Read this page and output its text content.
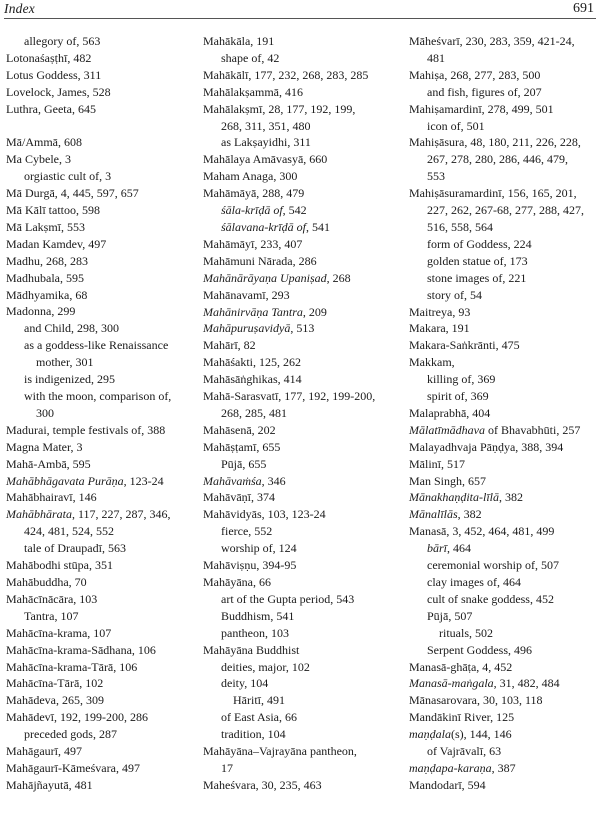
Index	691
allegory of, 563
Lotonaśaṣṭhī, 482
Lotus Goddess, 311
Lovelock, James, 528
Luthra, Geeta, 645
Mā/Ammā, 608
Ma Cybele, 3
orgiastic cult of, 3
Mā Durgā, 4, 445, 597, 657
Mā Kālī tattoo, 598
Mā Lakṣmī, 553
Madan Kamdev, 497
Madhu, 268, 283
Madhubala, 595
Mādhyamika, 68
Madonna, 299
and Child, 298, 300
as a goddess-like Renaissance
mother, 301
is indigenized, 295
with the moon, comparison of,
300
Madurai, temple festivals of, 388
Magna Mater, 3
Mahā-Ambā, 595
Mahābhāgavata Purāṇa, 123-24
Mahābhairavī, 146
Mahābhārata, 117, 227, 287, 346,
424, 481, 524, 552
tale of Draupadī, 563
Mahābodhi stūpa, 351
Mahābuddha, 70
Mahācīnācāra, 103
Tantra, 107
Mahācīna-krama, 107
Mahācīna-krama-Sādhana, 106
Mahācīna-krama-Tārā, 106
Mahācīna-Tārā, 102
Mahādeva, 265, 309
Mahādevī, 192, 199-200, 286
preceded gods, 287
Mahāgaurī, 497
Mahāgaurī-Kāmeśvara, 497
Mahājñayutā, 481
Mahākāla, 191
shape of, 42
Mahākālī, 177, 232, 268, 283, 285
Mahālakṣammā, 416
Mahālakṣmī, 28, 177, 192, 199,
268, 311, 351, 480
as Lakṣayidhi, 311
Mahālaya Amāvasyā, 660
Maham Anaga, 300
Mahāmāyā, 288, 479
śāla-krīḍā of, 542
śālavana-krīḍā of, 541
Mahāmāyī, 233, 407
Mahāmuni Nārada, 286
Mahānārāyaṇa Upaniṣad, 268
Mahānavamī, 293
Mahānirvāṇa Tantra, 209
Mahāpuruṣavidyā, 513
Mahārī, 82
Mahāśakti, 125, 262
Mahāsāṅghikas, 414
Mahā-Sarasvatī, 177, 192, 199-200,
268, 285, 481
Mahāsenā, 202
Mahāṣṭamī, 655
Pūjā, 655
Mahāvaṁśa, 346
Mahāvāṇī, 374
Mahāvidyās, 103, 123-24
fierce, 552
worship of, 124
Mahāviṣṇu, 394-95
Mahāyāna, 66
art of the Gupta period, 543
Buddhism, 541
pantheon, 103
Mahāyāna Buddhist
deities, major, 102
deity, 104
Hāritī, 491
of East Asia, 66
tradition, 104
Mahāyāna–Vajrayāna pantheon,
17
Maheśvara, 30, 235, 463
Māheśvarī, 230, 283, 359, 421-24,
481
Mahiṣa, 268, 277, 283, 500
and fish, figures of, 207
Mahiṣamardinī, 278, 499, 501
icon of, 501
Mahiṣāsura, 48, 180, 211, 226, 228,
267, 278, 280, 286, 446, 479,
553
Mahiṣāsuramardinī, 156, 165, 201,
227, 262, 267-68, 277, 288, 427,
516, 558, 564
form of Goddess, 224
golden statue of, 173
stone images of, 221
story of, 54
Maitreya, 93
Makara, 191
Makara-Saṅkrānti, 475
Makkam,
killing of, 369
spirit of, 369
Malaprabhā, 404
Mālatīmādhava of Bhavabhūti, 257
Malayadhvaja Pāṇḍya, 388, 394
Mālinī, 517
Man Singh, 657
Mānakhaṇḍita-līlā, 382
Mānalīlās, 382
Manasā, 3, 452, 464, 481, 499
bārī, 464
ceremonial worship of, 507
clay images of, 464
cult of snake goddess, 452
Pūjā, 507
rituals, 502
Serpent Goddess, 496
Manasā-ghāṭa, 4, 452
Manasā-maṅgala, 31, 482, 484
Mānasarovara, 30, 103, 118
Mandākinī River, 125
maṇḍala(s), 144, 146
of Vajrāvalī, 63
maṇḍapa-karaṇa, 387
Mandodarī, 594
